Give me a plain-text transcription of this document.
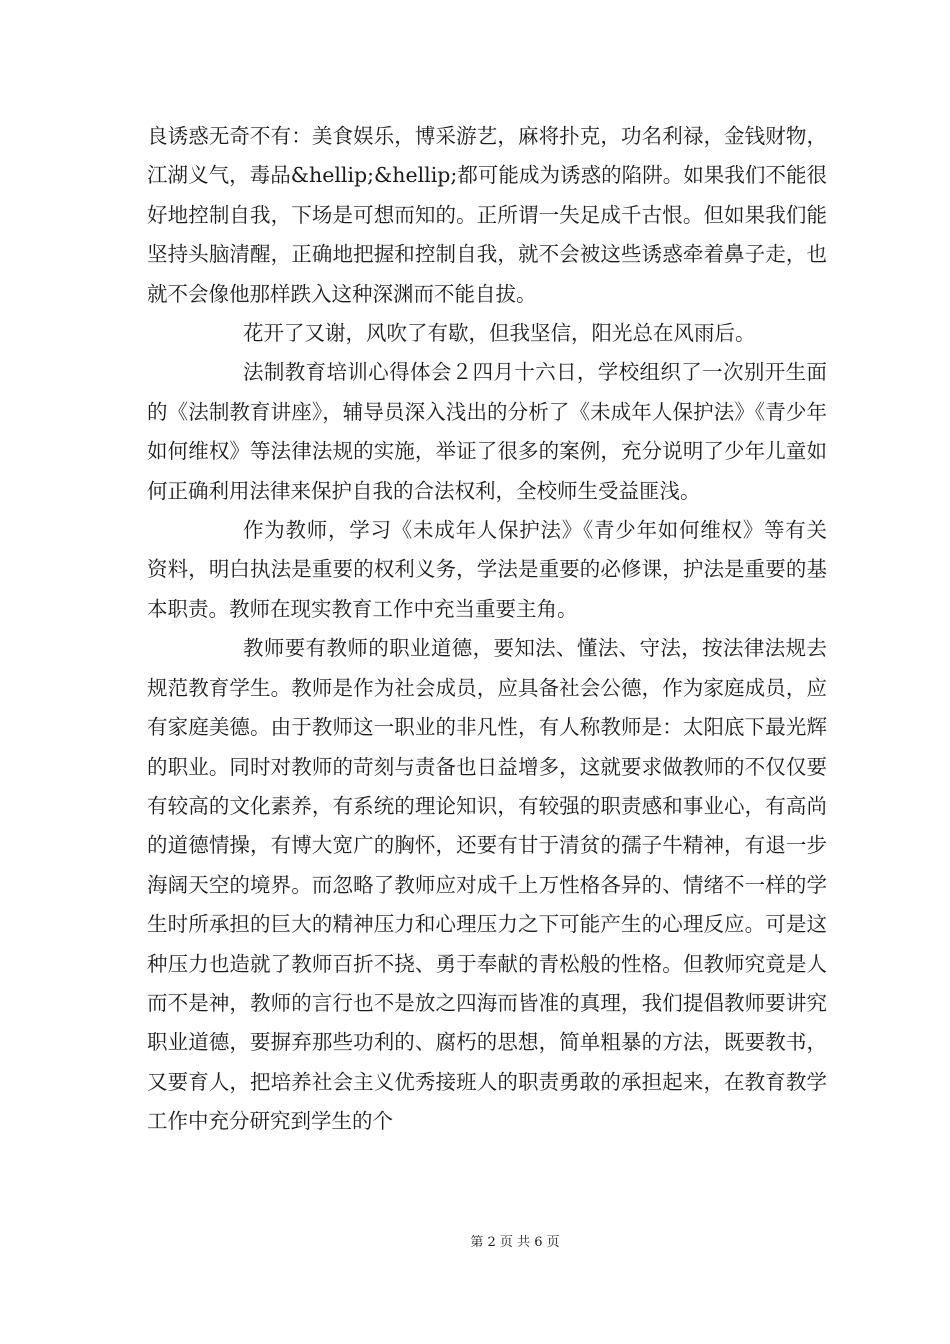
良诱惑无奇不有：美食娱乐，博采游艺，麻将扑克，功名利禄，金钱财物，江湖义气，毒品&hellip;&hellip;都可能成为诱惑的陷阱。如果我们不能很好地控制自我，下场是可想而知的。正所谓一失足成千古恨。但如果我们能坚持头脑清醒，正确地把握和控制自我，就不会被这些诱惑牵着鼻子走，也就不会像他那样跌入这种深渊而不能自拔。

花开了又谢，风吹了有歇，但我坚信，阳光总在风雨后。

法制教育培训心得体会２四月十六日，学校组织了一次别开生面的《法制教育讲座》，辅导员深入浅出的分析了《未成年人保护法》《青少年如何维权》等法律法规的实施，举证了很多的案例，充分说明了少年儿童如何正确利用法律来保护自我的合法权利，全校师生受益匪浅。

作为教师，学习《未成年人保护法》《青少年如何维权》等有关资料，明白执法是重要的权利义务，学法是重要的必修课，护法是重要的基本职责。教师在现实教育工作中充当重要主角。

教师要有教师的职业道德，要知法、懂法、守法，按法律法规去规范教育学生。教师是作为社会成员，应具备社会公德，作为家庭成员，应有家庭美德。由于教师这一职业的非凡性，有人称教师是：太阳底下最光辉的职业。同时对教师的苛刻与责备也日益增多，这就要求做教师的不仅仅要有较高的文化素养，有系统的理论知识，有较强的职责感和事业心，有高尚的道德情操，有博大宽广的胸怀，还要有甘于清贫的孺子牛精神，有退一步海阔天空的境界。而忽略了教师应对成千上万性格各异的、情绪不一样的学生时所承担的巨大的精神压力和心理压力之下可能产生的心理反应。可是这种压力也造就了教师百折不挠、勇于奉献的青松般的性格。但教师究竟是人而不是神，教师的言行也不是放之四海而皆准的真理，我们提倡教师要讲究职业道德，要摒弃那些功利的、腐朽的思想，简单粗暴的方法，既要教书，又要育人，把培养社会主义优秀接班人的职责勇敢的承担起来，在教育教学工作中充分研究到学生的个

第 2 页 共 6 页
